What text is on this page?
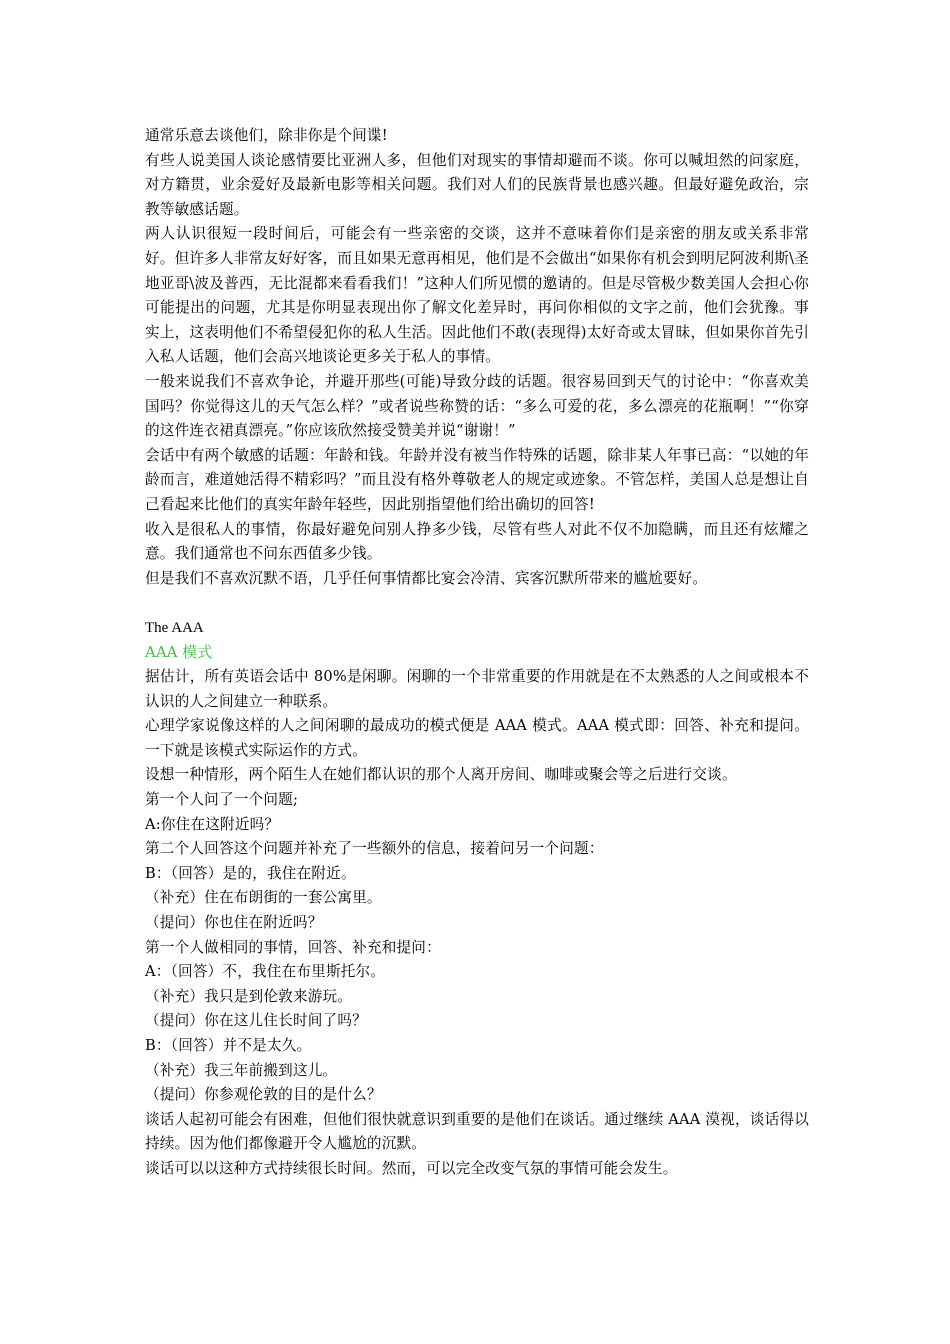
通常乐意去谈他们，除非你是个间谍!

有些人说美国人谈论感情要比亚洲人多，但他们对现实的事情却避而不谈。你可以喊坦然的问家庭，对方籍贯，业余爱好及最新电影等相关问题。我们对人们的民族背景也感兴趣。但最好避免政治，宗教等敏感话题。

两人认识很短一段时间后，可能会有一些亲密的交谈，这并不意味着你们是亲密的朋友或关系非常好。但许多人非常友好好客，而且如果无意再相见，他们是不会做出“如果你有机会到明尼阿波利斯\圣地亚哥\波及普西，无比混都来看看我们！”这种人们所见惯的邀请的。但是尽管极少数美国人会担心你可能提出的问题，尤其是你明显表现出你了解文化差异时，再问你相似的文字之前，他们会犹豫。事实上，这表明他们不希望侵犯你的私人生活。因此他们不敢(表现得)太好奇或太冒昧，但如果你首先引入私人话题，他们会高兴地谈论更多关于私人的事情。

一般来说我们不喜欢争论，并避开那些(可能)导致分歧的话题。很容易回到天气的讨论中：“你喜欢美国吗？你觉得这儿的天气怎么样？”或者说些称赞的话：“多么可爱的花，多么漂亮的花瓶啊！”“你穿的这件连衣裙真漂亮。”你应该欣然接受赞美并说“谢谢！”

会话中有两个敏感的话题：年龄和钱。年龄并没有被当作特殊的话题，除非某人年事已高：“以她的年龄而言，难道她活得不精彩吗？”而且没有格外尊敬老人的规定或迹象。不管怎样，美国人总是想让自己看起来比他们的真实年龄年轻些，因此别指望他们给出确切的回答!

收入是很私人的事情，你最好避免问别人挣多少钱，尽管有些人对此不仅不加隐瞒，而且还有炫耀之意。我们通常也不问东西值多少钱。

但是我们不喜欢沉默不语，几乎任何事情都比宴会冷清、宾客沉默所带来的尴尬要好。

The AAA

AAA 模式

据估计，所有英语会话中 80%是闲聊。闲聊的一个非常重要的作用就是在不太熟悉的人之间或根本不认识的人之间建立一种联系。

心理学家说像这样的人之间闲聊的最成功的模式便是 AAA 模式。AAA 模式即：回答、补充和提问。一下就是该模式实际运作的方式。

设想一种情形，两个陌生人在她们都认识的那个人离开房间、咖啡或聚会等之后进行交谈。

第一个人问了一个问题;

A:你住在这附近吗？

第二个人回答这个问题并补充了一些额外的信息，接着问另一个问题：

B：（回答）是的，我住在附近。

（补充）住在布朗街的一套公寓里。

（提问）你也住在附近吗？

第一个人做相同的事情，回答、补充和提问：

A：（回答）不，我住在布里斯托尔。

（补充）我只是到伦敦来游玩。

（提问）你在这儿住长时间了吗？

B：（回答）并不是太久。

（补充）我三年前搬到这儿。

（提问）你参观伦敦的目的是什么？

谈话人起初可能会有困难，但他们很快就意识到重要的是他们在谈话。通过继续 AAA 漠视，谈话得以持续。因为他们都像避开令人尴尬的沉默。

谈话可以以这种方式持续很长时间。然而，可以完全改变气氛的事情可能会发生。
